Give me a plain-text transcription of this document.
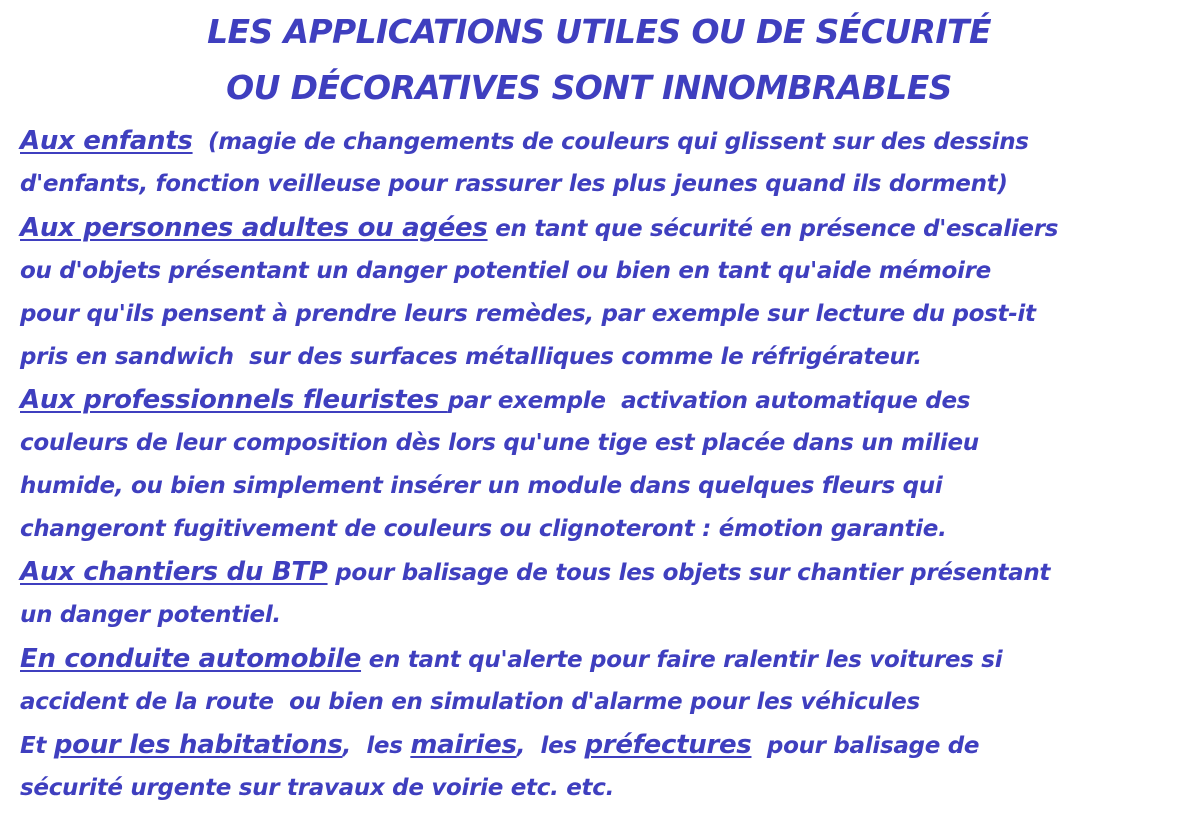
LES APPLICATIONS UTILES OU DE SÉCURITÉ
OU DÉCORATIVES SONT INNOMBRABLES
Aux enfants  (magie de changements de couleurs qui glissent sur des dessins
d'enfants, fonction veilleuse pour rassurer les plus jeunes quand ils dorment)
Aux personnes adultes ou agées en tant que sécurité en présence d'escaliers
ou d'objets présentant un danger potentiel ou bien en tant qu'aide mémoire
pour qu'ils pensent à prendre leurs remèdes, par exemple sur lecture du post-it
pris en sandwich  sur des surfaces métalliques comme le réfrigérateur.
Aux professionnels fleuristes par exemple  activation automatique des
couleurs de leur composition dès lors qu'une tige est placée dans un milieu
humide, ou bien simplement insérer un module dans quelques fleurs qui
changeront fugitivement de couleurs ou clignoteront : émotion garantie.
Aux chantiers du BTP pour balisage de tous les objets sur chantier présentant
un danger potentiel.
En conduite automobile en tant qu'alerte pour faire ralentir les voitures si
accident de la route  ou bien en simulation d'alarme pour les véhicules
Et pour les habitations,  les mairies,  les préfectures  pour balisage de
sécurité urgente sur travaux de voirie etc. etc.
